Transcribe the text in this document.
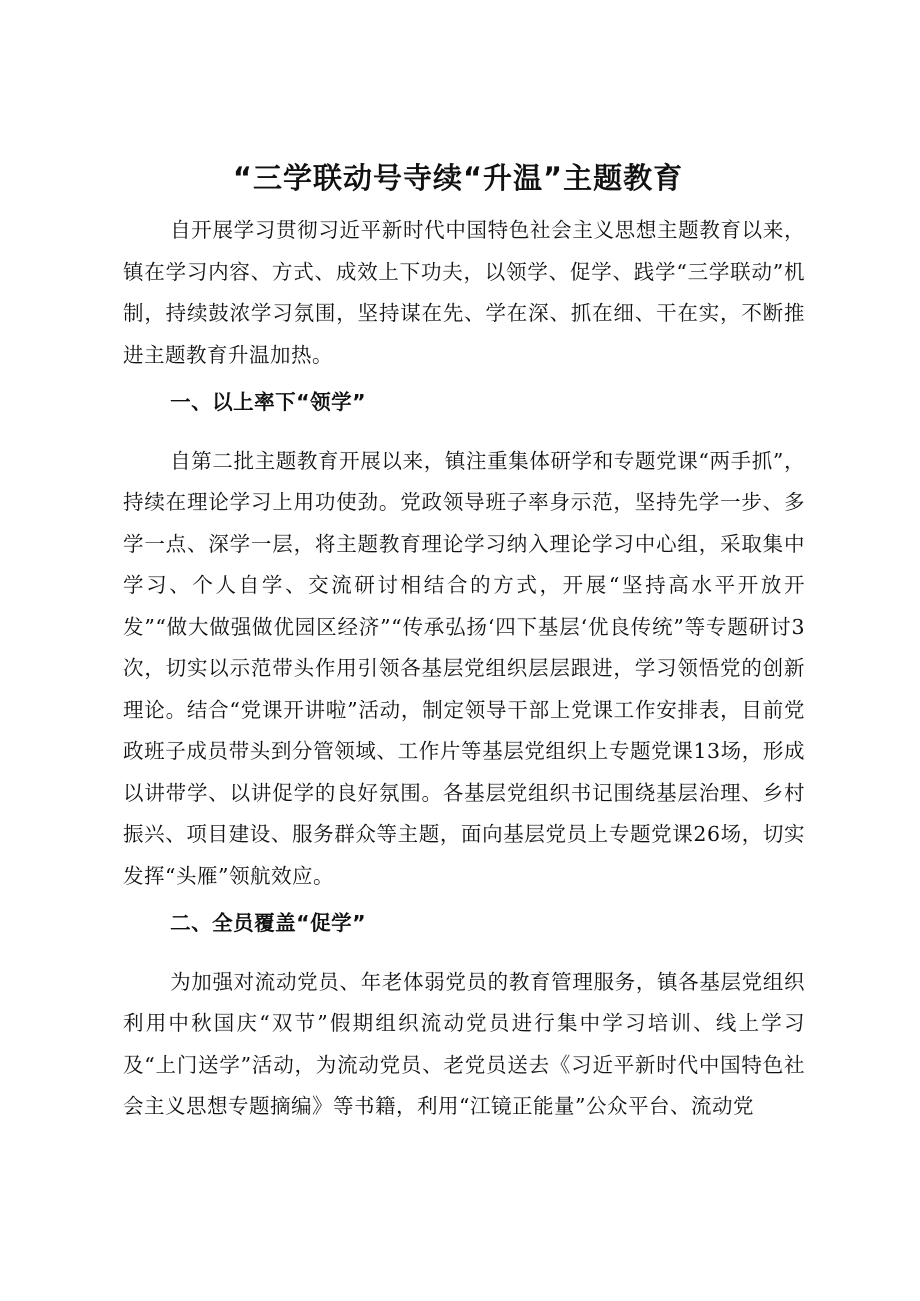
“三学联动号寺续“升温”主题教育

自开展学习贯彻习近平新时代中国特色社会主义思想主题教育以来，镇在学习内容、方式、成效上下功夫，以领学、促学、践学“三学联动”机制，持续鼓浓学习氛围，坚持谋在先、学在深、抓在细、干在实，不断推进主题教育升温加热。

一、以上率下“领学”

自第二批主题教育开展以来，镇注重集体研学和专题党课“两手抓”，持续在理论学习上用功使劲。党政领导班子率身示范，坚持先学一步、多学一点、深学一层，将主题教育理论学习纳入理论学习中心组，采取集中学习、个人自学、交流研讨相结合的方式，开展“坚持高水平开放开发”“做大做强做优园区经济”“传承弘扬‘四下基层‘优良传统”等专题研讨3次，切实以示范带头作用引领各基层党组织层层跟进，学习领悟党的创新理论。结合“党课开讲啦”活动，制定领导干部上党课工作安排表，目前党政班子成员带头到分管领域、工作片等基层党组织上专题党课13场，形成以讲带学、以讲促学的良好氛围。各基层党组织书记围绕基层治理、乡村振兴、项目建设、服务群众等主题，面向基层党员上专题党课26场，切实发挥“头雁”领航效应。

二、全员覆盖“促学”

为加强对流动党员、年老体弱党员的教育管理服务，镇各基层党组织利用中秋国庆“双节”假期组织流动党员进行集中学习培训、线上学习及“上门送学”活动，为流动党员、老党员送去《习近平新时代中国特色社会主义思想专题摘编》等书籍，利用“江镜正能量”公众平台、流动党
